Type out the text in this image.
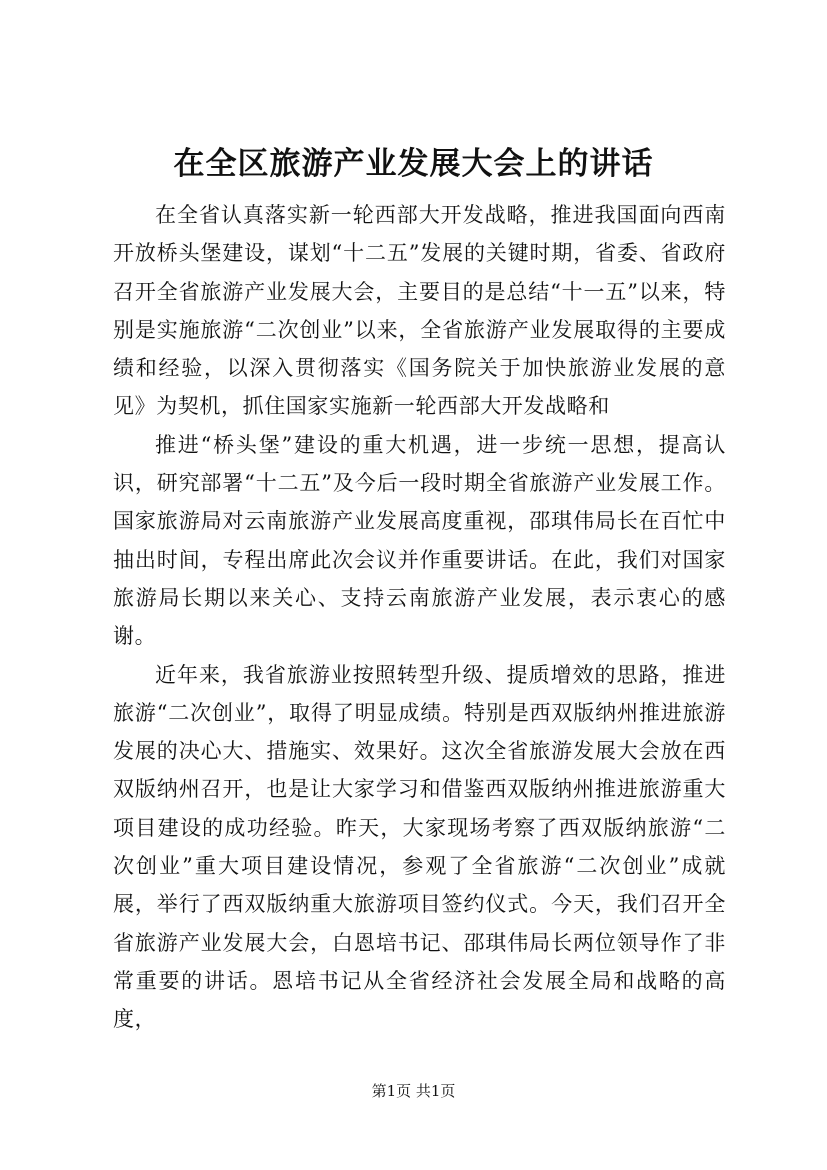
在全区旅游产业发展大会上的讲话

在全省认真落实新一轮西部大开发战略，推进我国面向西南开放桥头堡建设，谋划“十二五”发展的关键时期，省委、省政府召开全省旅游产业发展大会，主要目的是总结“十一五”以来，特别是实施旅游“二次创业”以来，全省旅游产业发展取得的主要成绩和经验，以深入贯彻落实《国务院关于加快旅游业发展的意见》为契机，抓住国家实施新一轮西部大开发战略和

推进“桥头堡”建设的重大机遇，进一步统一思想，提高认识，研究部署“十二五”及今后一段时期全省旅游产业发展工作。国家旅游局对云南旅游产业发展高度重视，邵琪伟局长在百忙中抽出时间，专程出席此次会议并作重要讲话。在此，我们对国家旅游局长期以来关心、支持云南旅游产业发展，表示衷心的感谢。

近年来，我省旅游业按照转型升级、提质增效的思路，推进旅游“二次创业”，取得了明显成绩。特别是西双版纳州推进旅游发展的决心大、措施实、效果好。这次全省旅游发展大会放在西双版纳州召开，也是让大家学习和借鉴西双版纳州推进旅游重大项目建设的成功经验。昨天，大家现场考察了西双版纳旅游“二次创业”重大项目建设情况，参观了全省旅游“二次创业”成就展，举行了西双版纳重大旅游项目签约仪式。今天，我们召开全省旅游产业发展大会，白恩培书记、邵琪伟局长两位领导作了非常重要的讲话。恩培书记从全省经济社会发展全局和战略的高度，

第1页 共1页
